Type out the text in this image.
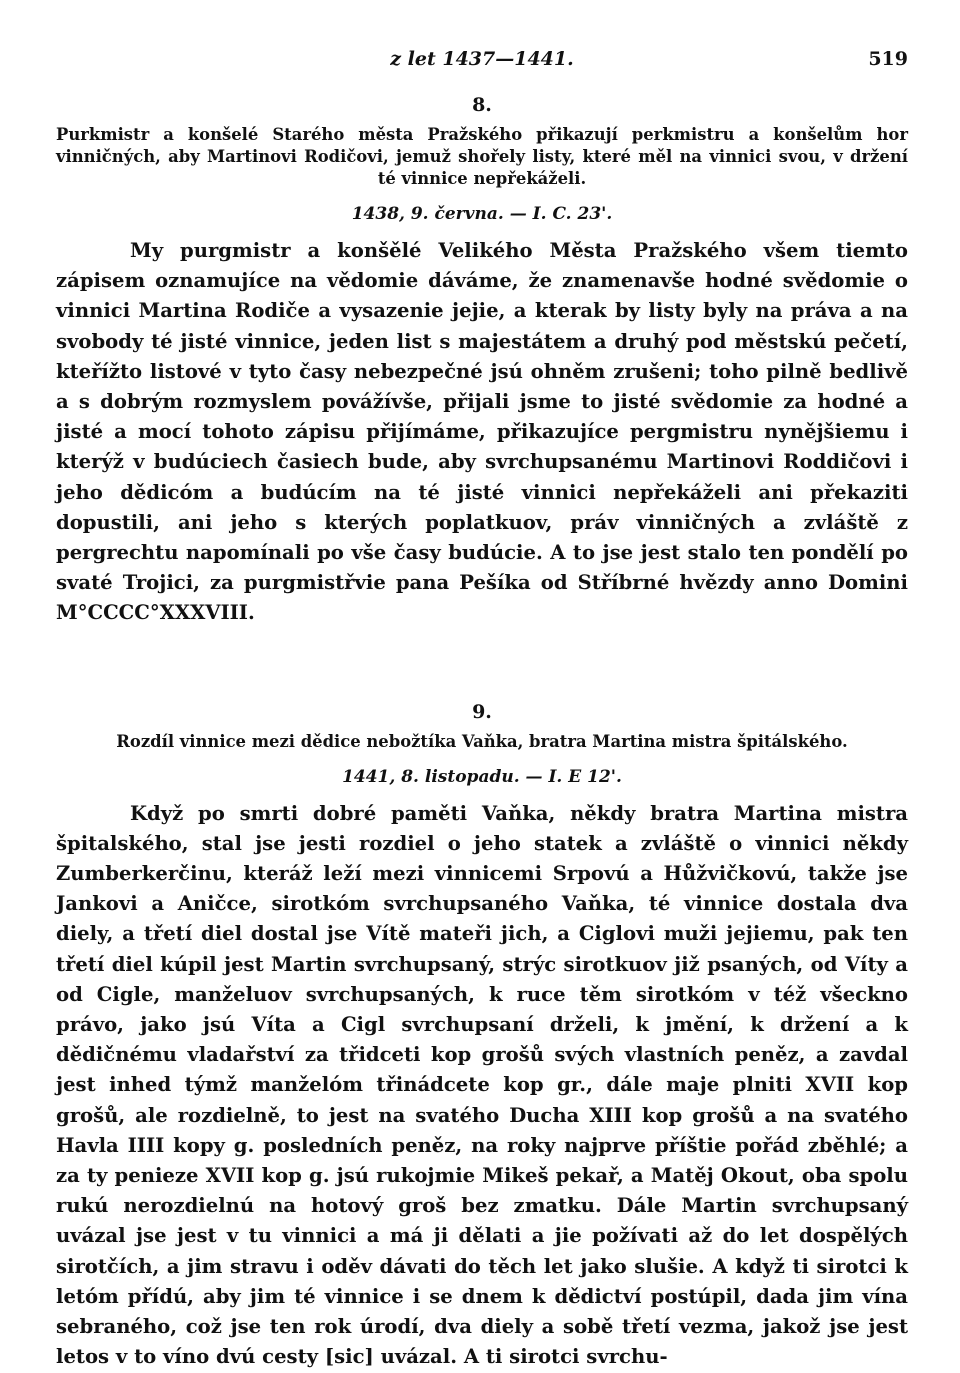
z let 1437—1441.	519
8.

Purkmistr a konšelé Starého města Pražského přikazují perkmistru a konšelům hor vinničných, aby Martinovi Rodičovi, jemuž shořely listy, které měl na vinnici svou, v držení té vinnice nepřekáželi.

1438, 9. června. — I. C. 23'.

My purgmistr a konšělé Velikého Města Pražského všem tiemto zápisem oznamujíce na vědomie dáváme, že znamenavše hodné svědomie o vinnici Martina Rodiče a vysazenie jejie, a kterak by listy byly na práva a na svobody té jisté vinnice, jeden list s majestátem a druhý pod městskú pečetí, kteřížto listové v tyto časy nebezpečné jsú ohněm zrušeni; toho pilně bedlivě a s dobrým rozmyslem povážívše, přijali jsme to jisté svědomie za hodné a jisté a mocí tohoto zápisu přijímáme, přikazujíce pergmistru nynějšiemu i kterýž v budúciech časiech bude, aby svrchupsanému Martinovi Roddičovi i jeho dědicóm a budúcím na té jisté vinnici nepřekáželi ani překaziti dopustili, ani jeho s kterých poplatkuov, práv vinničných a zvláště z pergrechtu napomínali po vše časy budúcie. A to jse jest stalo ten pondělí po svaté Trojici, za purgmistřvie pana Pešíka od Stříbrné hvězdy anno Domini M°CCCC°XXXVIII.

9.

Rozdíl vinnice mezi dědice nebožtíka Vaňka, bratra Martina mistra špitálského.

1441, 8. listopadu. — I. E 12'.

Když po smrti dobré paměti Vaňka, někdy bratra Martina mistra špitalského, stal jse jesti rozdiel o jeho statek a zvláště o vinnici někdy Zumberkerčinu, kteráž leží mezi vinnicemi Srpovú a Hůžvičkovú, takže jse Jankovi a Aničce, sirotkóm svrchupsaného Vaňka, té vinnice dostala dva diely, a třetí diel dostal jse Vítě mateři jich, a Ciglovi muži jejiemu, pak ten třetí diel kúpil jest Martin svrchupsaný, strýc sirotkuov již psaných, od Víty a od Cigle, manželuov svrchupsaných, k ruce těm sirotkóm v též všeckno právo, jako jsú Víta a Cigl svrchupsaní drželi, k jmění, k držení a k dědičnému vladařství za třidceti kop grošů svých vlastních peněz, a zavdal jest inhed týmž manželóm třinádcete kop gr., dále maje plniti XVII kop grošů, ale rozdielně, to jest na svatého Ducha XIII kop grošů a na svatého Havla IIII kopy g. posledních peněz, na roky najprve příštie pořád zběhlé; a za ty penieze XVII kop g. jsú rukojmie Mikeš pekař, a Matěj Okout, oba spolu rukú nerozdielnú na hotový groš bez zmatku. Dále Martin svrchupsaný uvázal jse jest v tu vinnici a má ji dělati a jie požívati až do let dospělých sirotčích, a jim stravu i oděv dávati do těch let jako slušie. A když ti sirotci k letóm přídú, aby jim té vinnice i se dnem k dědictví postúpil, dada jim vína sebraného, což jse ten rok úrodí, dva diely a sobě třetí vezma, jakož jse jest letos v to víno dvú cesty [sic] uvázal. A ti sirotci svrchu-
